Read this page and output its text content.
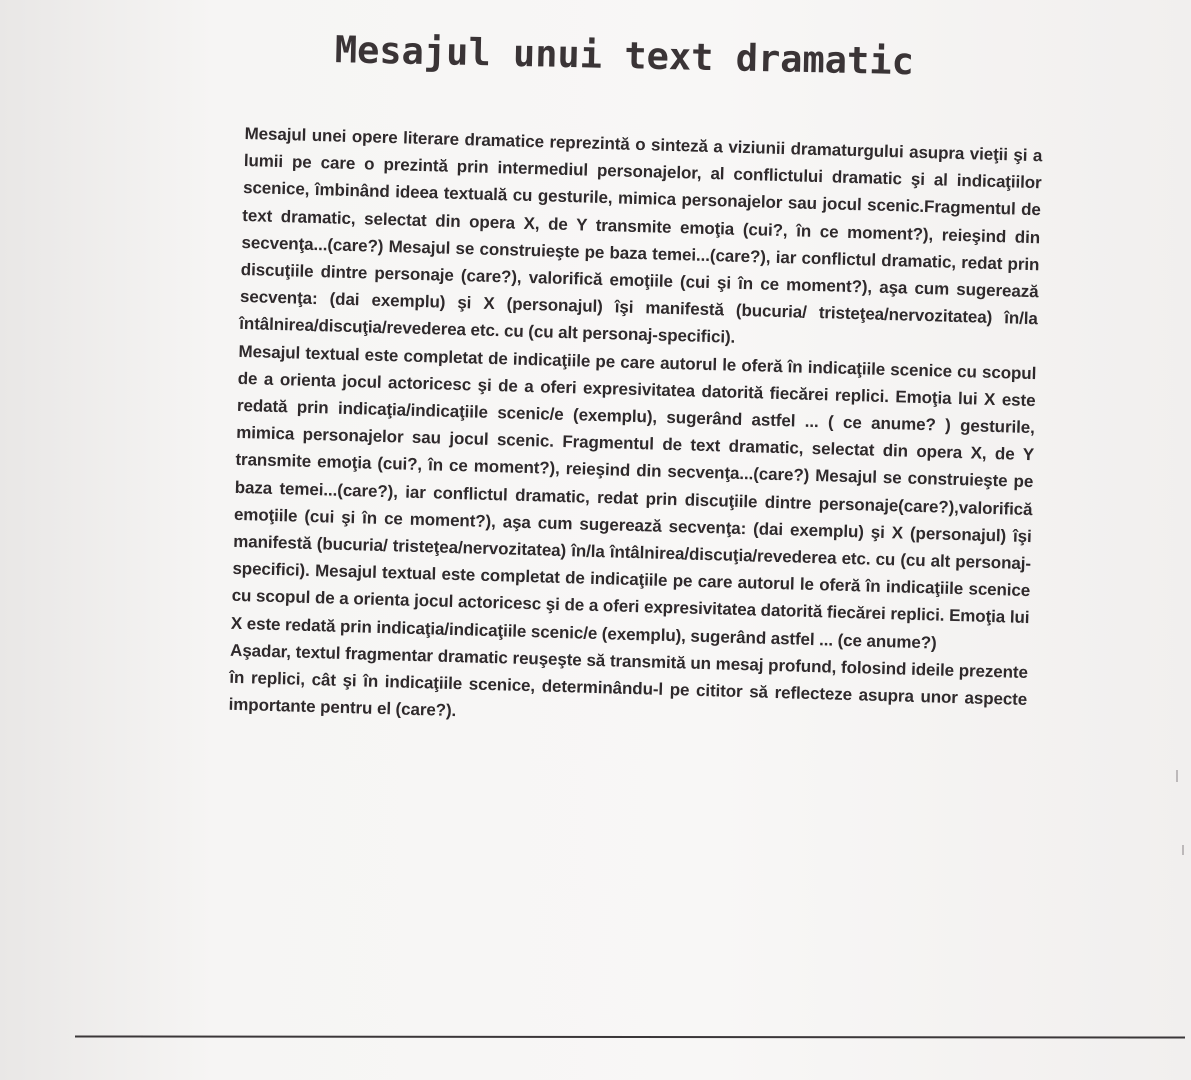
Mesajul unui text dramatic

Mesajul unei opere literare dramatice reprezintă o sinteză a viziunii dramaturgului asupra vieţii şi a lumii pe care o prezintă prin intermediul personajelor, al conflictului dramatic şi al indicaţiilor scenice, îmbinând ideea textuală cu gesturile, mimica personajelor sau jocul scenic.Fragmentul de text dramatic, selectat din opera X, de Y transmite emoţia (cui?, în ce moment?), reieşind din secvenţa...(care?) Mesajul se construieşte pe baza temei...(care?), iar conflictul dramatic, redat prin discuţiile dintre personaje (care?), valorifică emoţiile (cui şi în ce moment?), aşa cum sugerează secvenţa: (dai exemplu) şi X (personajul) îşi manifestă (bucuria/ tristeţea/nervozitatea) în/la întâlnirea/discuţia/revederea etc. cu (cu alt personaj-specifici).

Mesajul textual este completat de indicaţiile pe care autorul le oferă în indicaţiile scenice cu scopul de a orienta jocul actoricesc şi de a oferi expresivitatea datorită fiecărei replici. Emoţia lui X este redată prin indicaţia/indicaţiile scenic/e (exemplu), sugerând astfel ... ( ce anume? ) gesturile, mimica personajelor sau jocul scenic. Fragmentul de text dramatic, selectat din opera X, de Y transmite emoţia (cui?, în ce moment?), reieşind din secvenţa...(care?) Mesajul se construieşte pe baza temei...(care?), iar conflictul dramatic, redat prin discuţiile dintre personaje(care?),valorifică emoţiile (cui şi în ce moment?), aşa cum sugerează secvenţa: (dai exemplu) şi X (personajul) îşi manifestă (bucuria/ tristeţea/nervozitatea) în/la întâlnirea/discuţia/revederea etc. cu (cu alt personaj-specifici). Mesajul textual este completat de indicaţiile pe care autorul le oferă în indicaţiile scenice cu scopul de a orienta jocul actoricesc şi de a oferi expresivitatea datorită fiecărei replici. Emoţia lui X este redată prin indicaţia/indicaţiile scenic/e (exemplu), sugerând astfel ... (ce anume?)

Aşadar, textul fragmentar dramatic reuşeşte să transmită un mesaj profund, folosind ideile prezente în replici, cât şi în indicaţiile scenice, determinându-l pe cititor să reflecteze asupra unor aspecte importante pentru el (care?).
